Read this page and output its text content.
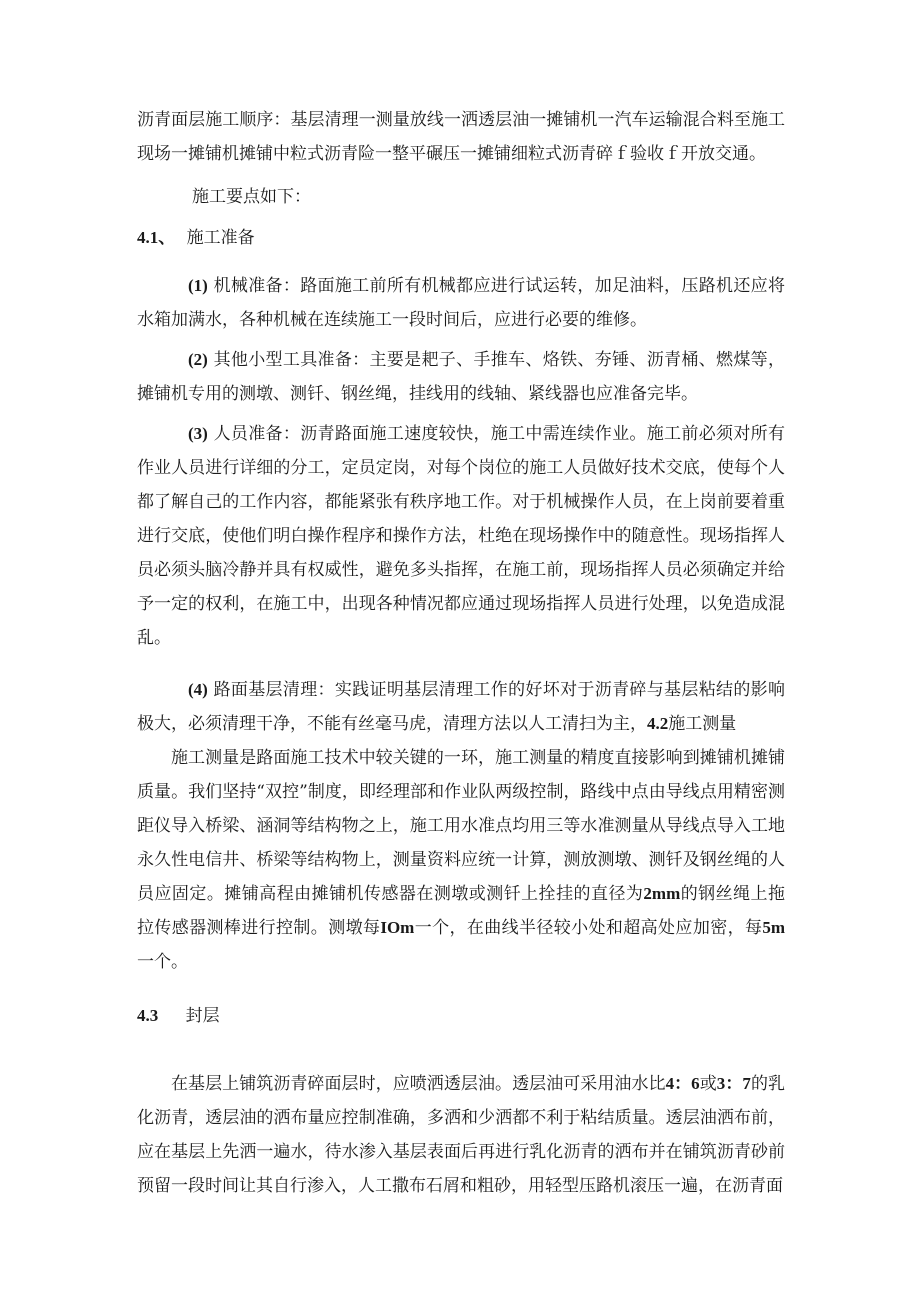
沥青面层施工顺序：基层清理一测量放线一洒透层油一摊铺机一汽车运输混合料至施工现场一摊铺机摊铺中粒式沥青险一整平碾压一摊铺细粒式沥青碎ｆ验收ｆ开放交通。

施工要点如下：

4.1、 施工准备

(1) 机械准备：路面施工前所有机械都应进行试运转，加足油料，压路机还应将水箱加满水，各种机械在连续施工一段时间后，应进行必要的维修。

(2) 其他小型工具准备：主要是耙子、手推车、烙铁、夯锤、沥青桶、燃煤等，摊铺机专用的测墩、测钎、钢丝绳，挂线用的线轴、紧线器也应准备完毕。

(3) 人员准备：沥青路面施工速度较快，施工中需连续作业。施工前必须对所有作业人员进行详细的分工，定员定岗，对每个岗位的施工人员做好技术交底，使每个人都了解自己的工作内容，都能紧张有秩序地工作。对于机械操作人员，在上岗前要着重进行交底，使他们明白操作程序和操作方法，杜绝在现场操作中的随意性。现场指挥人员必须头脑冷静并具有权威性，避免多头指挥，在施工前，现场指挥人员必须确定并给予一定的权利，在施工中，出现各种情况都应通过现场指挥人员进行处理，以免造成混乱。

(4) 路面基层清理：实践证明基层清理工作的好坏对于沥青碎与基层粘结的影响极大，必须清理干净，不能有丝毫马虎，清理方法以人工清扫为主，4.2施工测量

施工测量是路面施工技术中较关键的一环，施工测量的精度直接影响到摊铺机摊铺质量。我们坚持“双控”制度，即经理部和作业队两级控制，路线中点由导线点用精密测距仪导入桥梁、涵洞等结构物之上，施工用水准点均用三等水准测量从导线点导入工地永久性电信井、桥梁等结构物上，测量资料应统一计算，测放测墩、测钎及钢丝绳的人员应固定。摊铺高程由摊铺机传感器在测墩或测钎上拴挂的直径为2mm的钢丝绳上拖拉传感器测棒进行控制。测墩每IOm一个，在曲线半径较小处和超高处应加密，每5m一个。

4.3 封层

在基层上铺筑沥青碎面层时，应喷洒透层油。透层油可采用油水比4：6或3：7的乳化沥青，透层油的洒布量应控制准确，多洒和少洒都不利于粘结质量。透层油洒布前，应在基层上先洒一遍水，待水渗入基层表面后再进行乳化沥青的洒布并在铺筑沥青砂前预留一段时间让其自行渗入，人工撒布石屑和粗砂，用轻型压路机滚压一遍，在沥青面
